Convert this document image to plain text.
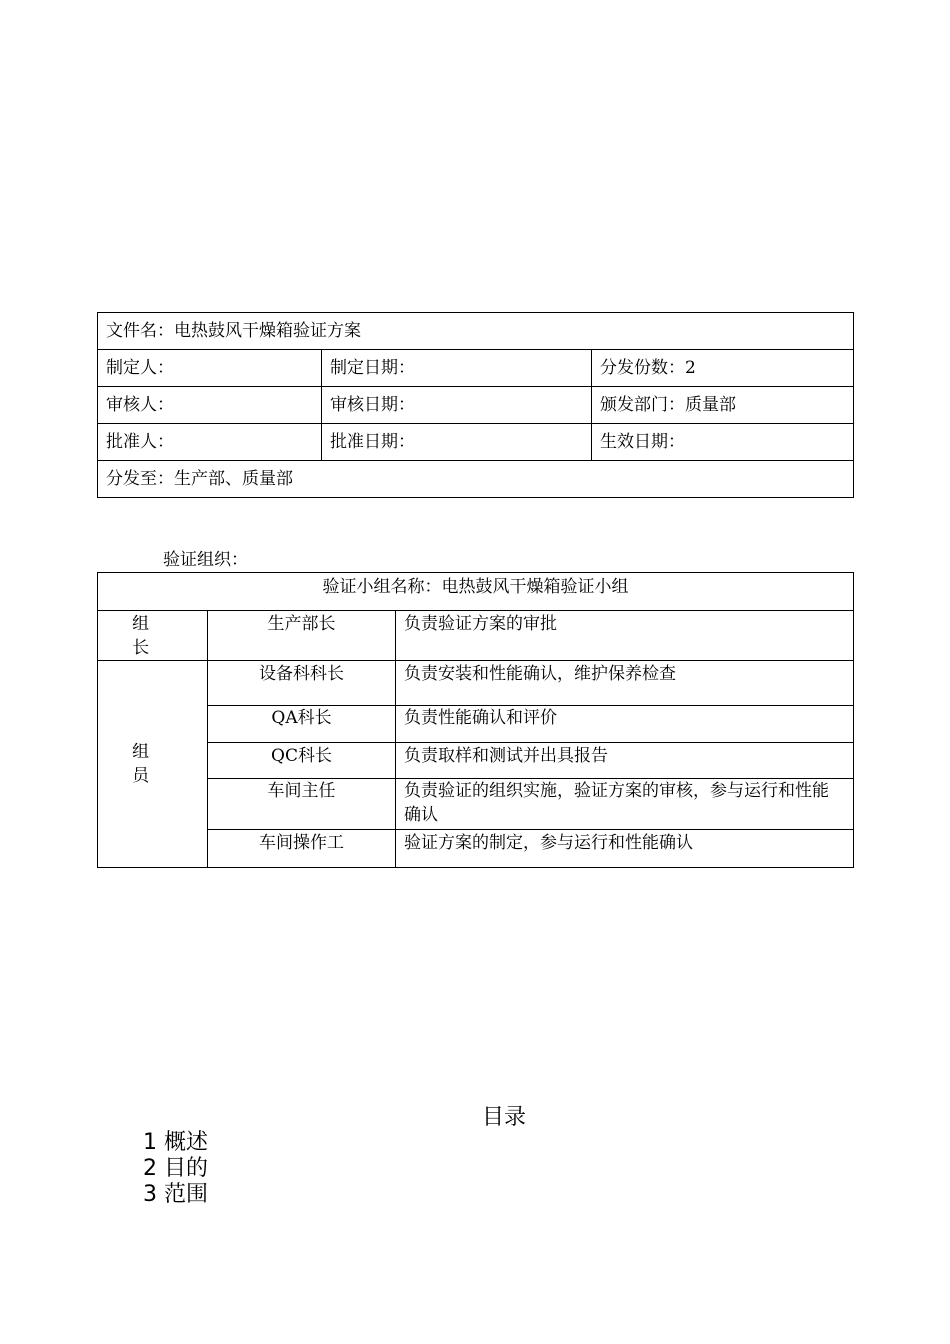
文件名：电热鼓风干燥箱验证方案		
制定人：	制定日期：	分发份数：2
审核人：	审核日期：	颁发部门：质量部
批准人：	批准日期：	生效日期：
分发至：生产部、质量部		
验证组织：
验证小组名称：电热鼓风干燥箱验证小组		
组 长	生产部长	负责验证方案的审批
组 员	设备科科长	负责安装和性能确认，维护保养检查
	QA科长	负责性能确认和评价
	QC科长	负责取样和测试并出具报告
	车间主任	负责验证的组织实施，验证方案的审核，参与运行和性能确认
	车间操作工	验证方案的制定，参与运行和性能确认
目录
1 概述
2 目的
3 范围
